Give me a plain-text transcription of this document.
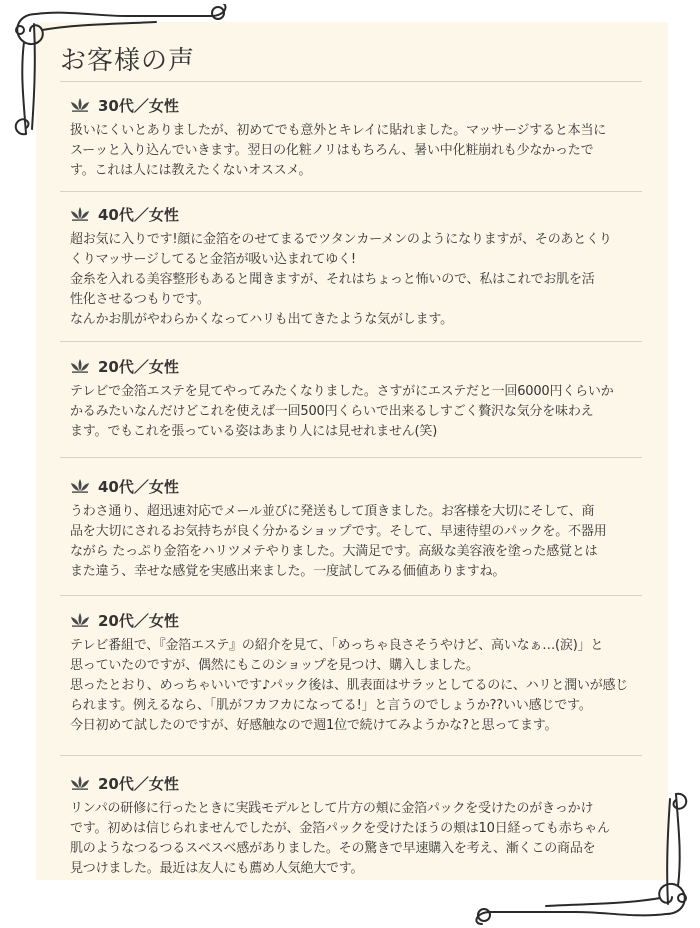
お客様の声
30代／女性

扱いにくいとありましたが、初めてでも意外とキレイに貼れました。マッサージすると本当に

スーッと入り込んでいきます。翌日の化粧ノリはもちろん、暑い中化粧崩れも少なかったで

す。これは人には教えたくないオススメ。

40代／女性

超お気に入りです!顔に金箔をのせてまるでツタンカーメンのようになりますが、そのあとくり

くりマッサージしてると金箔が吸い込まれてゆく!

金糸を入れる美容整形もあると聞きますが、それはちょっと怖いので、私はこれでお肌を活

性化させるつもりです。

なんかお肌がやわらかくなってハリも出てきたような気がします。

20代／女性

テレビで金箔エステを見てやってみたくなりました。さすがにエステだと一回6000円くらいか

かるみたいなんだけどこれを使えば一回500円くらいで出来るしすごく贅沢な気分を味わえ

ます。でもこれを張っている姿はあまり人には見せれません(笑)

40代／女性

うわさ通り、超迅速対応でメール並びに発送もして頂きました。お客様を大切にそして、商

品を大切にされるお気持ちが良く分かるショップです。そして、早速待望のパックを。不器用

ながら たっぷり金箔をハリツメテやりました。大満足です。高級な美容液を塗った感覚とは

また違う、幸せな感覚を実感出来ました。一度試してみる価値ありますね。

20代／女性

テレビ番組で、『金箔エステ』の紹介を見て、「めっちゃ良さそうやけど、高いなぁ…(涙)」と

思っていたのですが、偶然にもこのショップを見つけ、購入しました。

思ったとおり、めっちゃいいです♪パック後は、肌表面はサラッとしてるのに、ハリと潤いが感じ

られます。例えるなら、「肌がフカフカになってる!」と言うのでしょうか??いい感じです。

今日初めて試したのですが、好感触なので週1位で続けてみようかな?と思ってます。

20代／女性

リンパの研修に行ったときに実践モデルとして片方の頬に金箔パックを受けたのがきっかけ

です。初めは信じられませんでしたが、金箔パックを受けたほうの頬は10日経っても赤ちゃん

肌のようなつるつるスベスベ感がありました。その驚きで早速購入を考え、漸くこの商品を

見つけました。最近は友人にも薦め人気絶大です。
